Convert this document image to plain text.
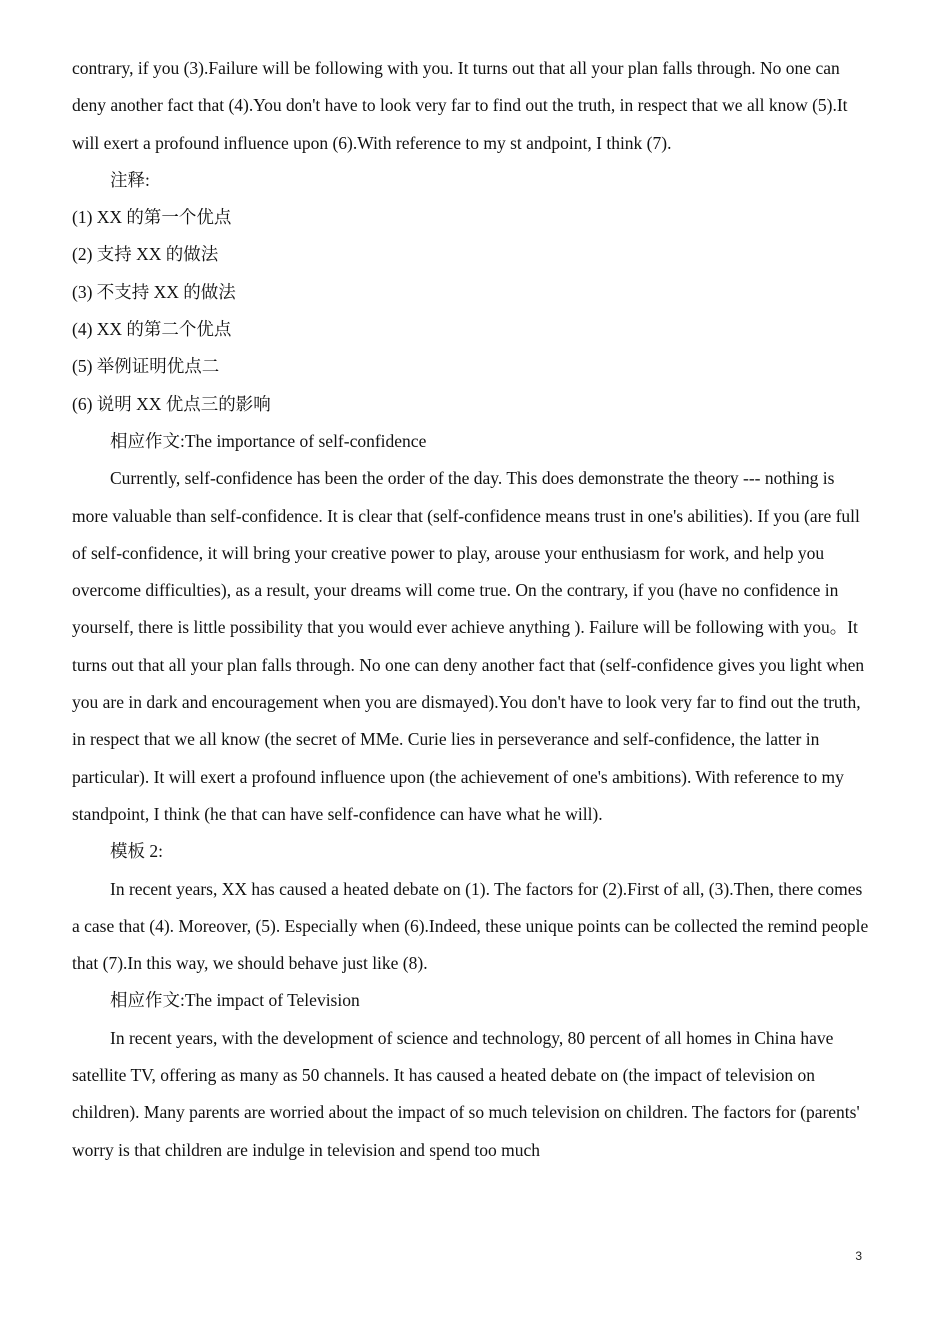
contrary, if you (3).Failure will be following with you. It turns out that all your plan falls through. No one can deny another fact that (4).You don't have to look very far to find out the truth, in respect that we all know (5).It will exert a profound influence upon (6).With reference to my st andpoint, I think (7).

注释:

(1) XX 的第一个优点

(2) 支持 XX 的做法

(3) 不支持 XX 的做法

(4) XX 的第二个优点

(5) 举例证明优点二

(6) 说明 XX 优点三的影响

相应作文:The importance of self-confidence

Currently, self-confidence has been the order of the day. This does demonstrate the theory --- nothing is more valuable than self-confidence. It is clear that (self-confidence means trust in one's abilities). If you (are full of self-confidence, it will bring your creative power to play, arouse your enthusiasm for work, and help you overcome difficulties), as a result, your dreams will come true. On the contrary, if you (have no confidence in yourself, there is little possibility that you would ever achieve anything ). Failure will be following with you。It turns out that all your plan falls through. No one can deny another fact that (self-confidence gives you light when you are in dark and encouragement when you are dismayed).You don't have to look very far to find out the truth, in respect that we all know (the secret of MMe. Curie lies in perseverance and self-confidence, the latter in particular). It will exert a profound influence upon (the achievement of one's ambitions). With reference to my standpoint, I think (he that can have self-confidence can have what he will).

模板 2:

In recent years, XX has caused a heated debate on (1). The factors for (2).First of all, (3).Then, there comes a case that (4). Moreover, (5). Especially when (6).Indeed, these unique points can be collected the remind people that (7).In this way, we should behave just like (8).

相应作文:The impact of Television

In recent years, with the development of science and technology, 80 percent of all homes in China have satellite TV, offering as many as 50 channels. It has caused a heated debate on (the impact of television on children). Many parents are worried about the impact of so much television on children. The factors for (parents' worry is that children are indulge in television and spend too much

3
